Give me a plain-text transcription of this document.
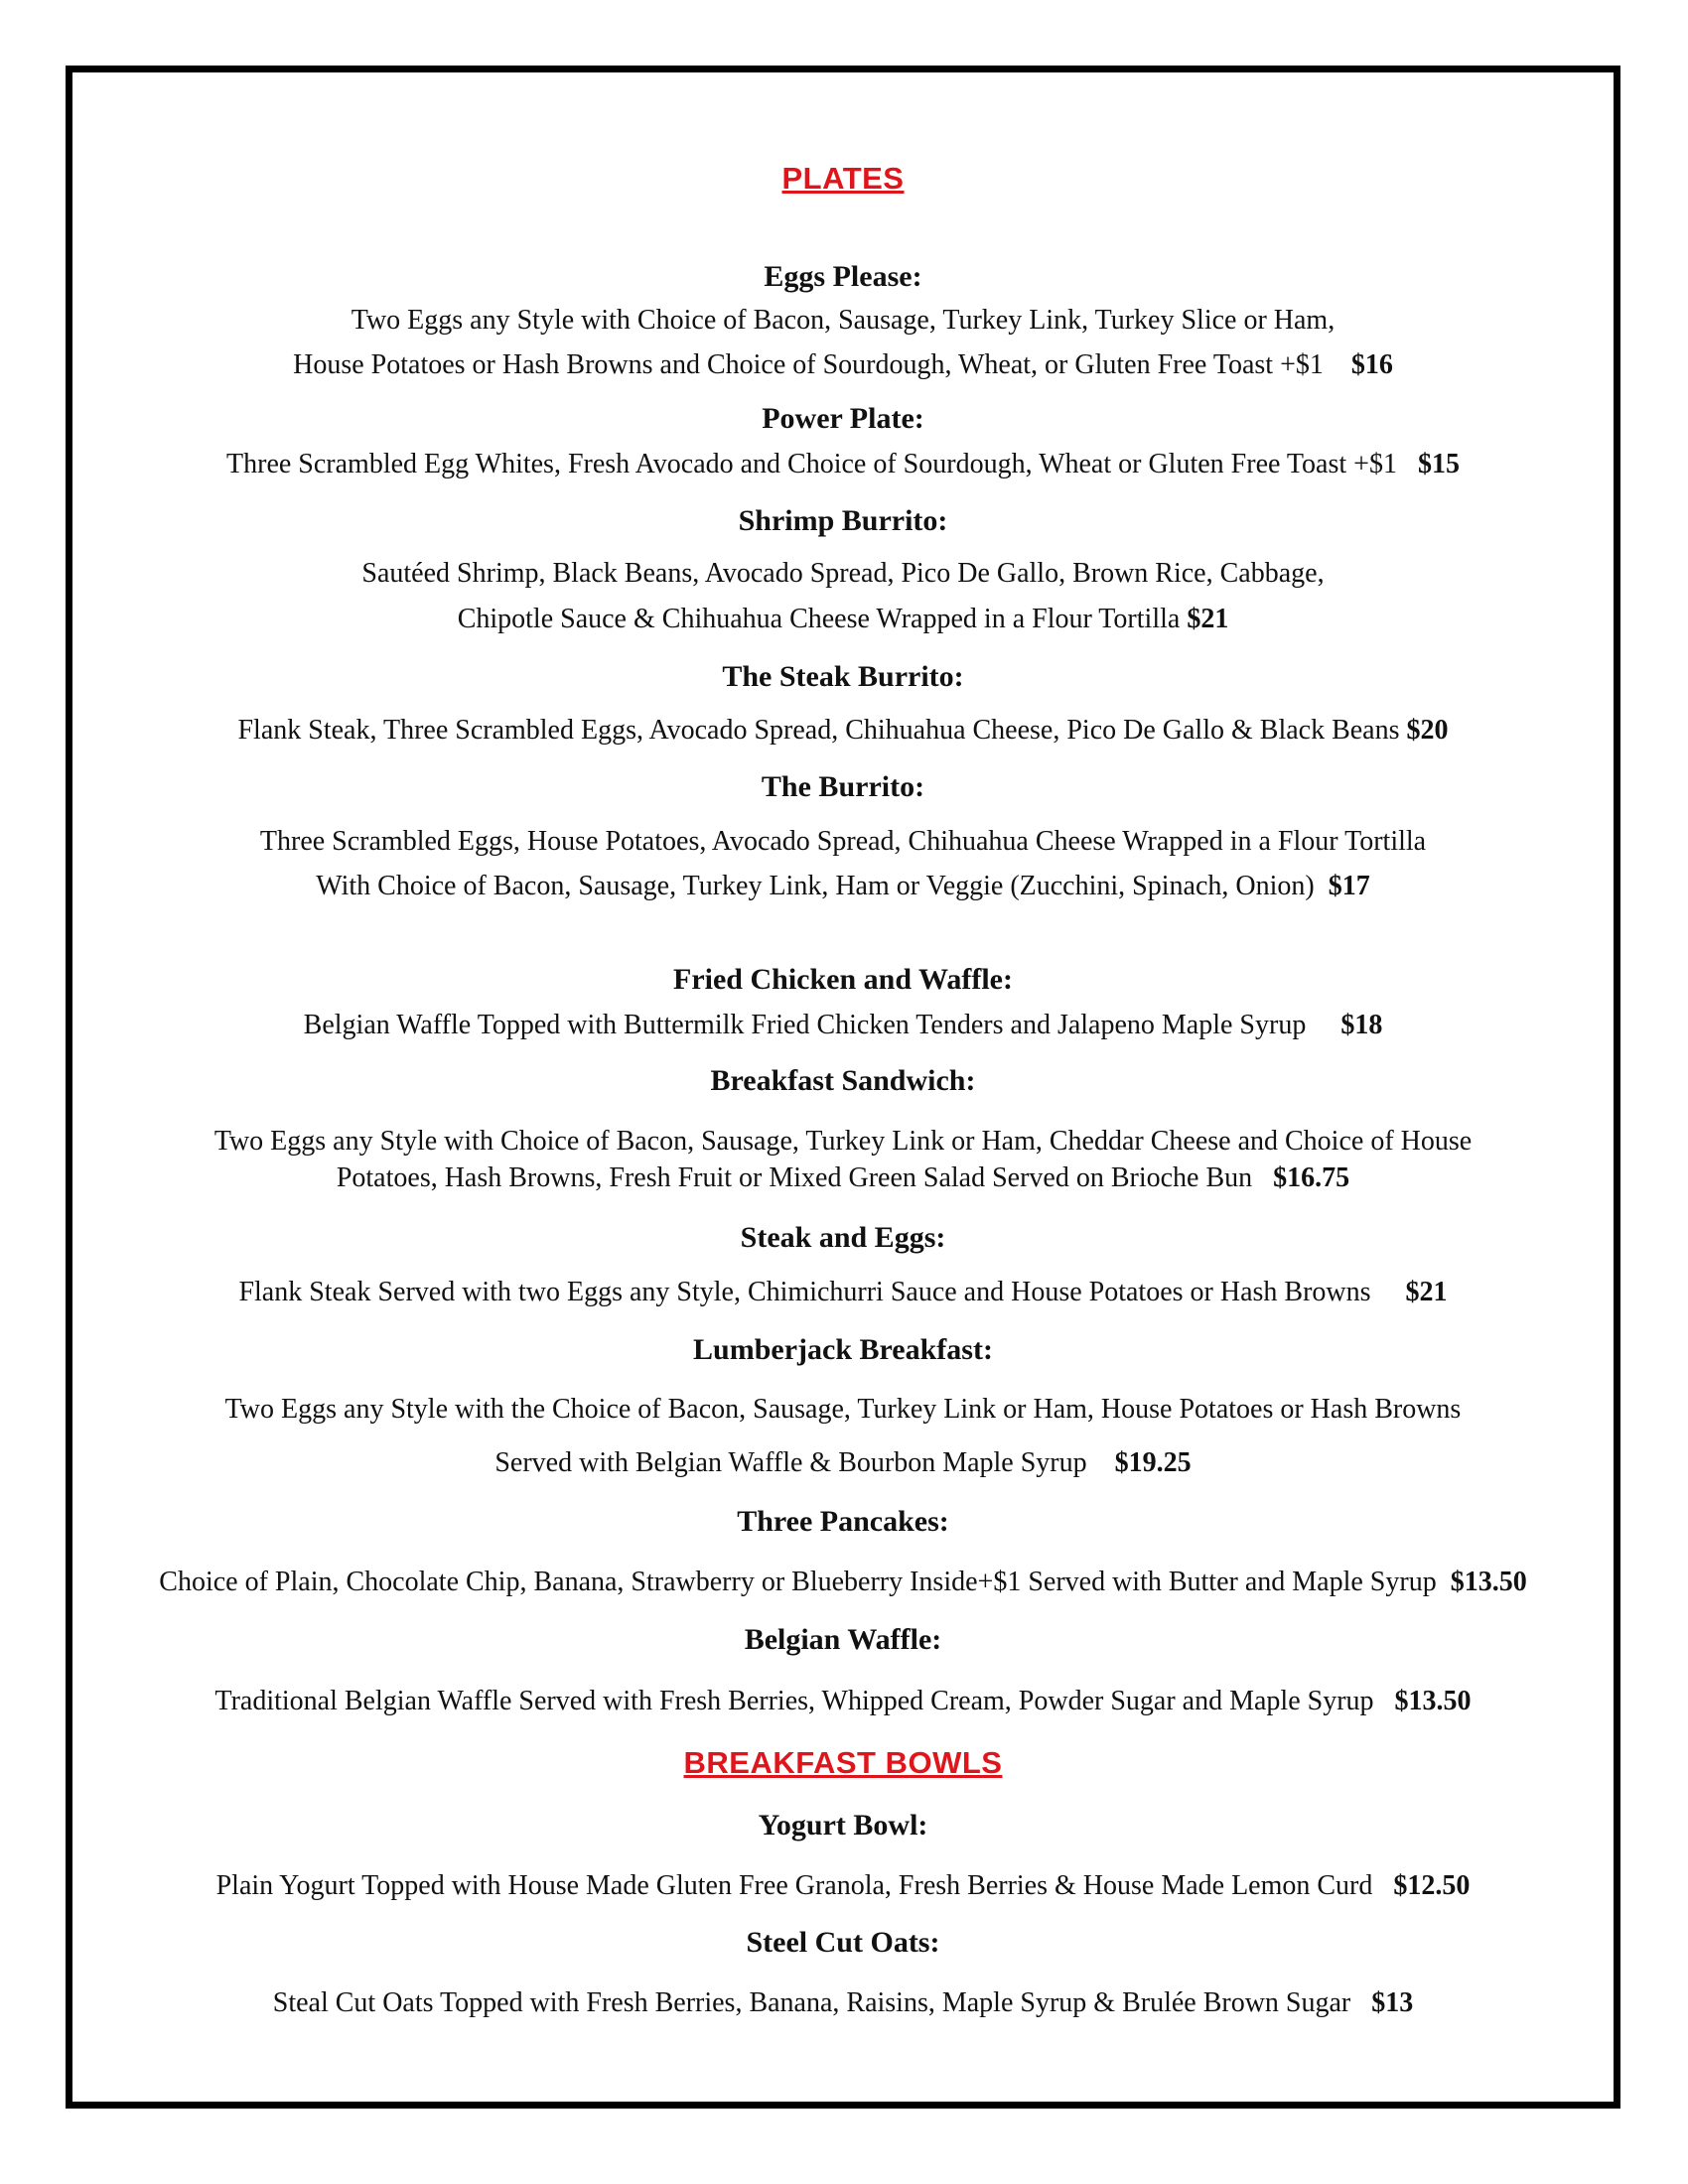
PLATES
Eggs Please:
Two Eggs any Style with Choice of Bacon, Sausage, Turkey Link, Turkey Slice or Ham,
House Potatoes or Hash Browns and Choice of Sourdough, Wheat, or Gluten Free Toast +$1 $16
Power Plate:
Three Scrambled Egg Whites, Fresh Avocado and Choice of Sourdough, Wheat or Gluten Free Toast +$1 $15
Shrimp Burrito:
Sautéed Shrimp, Black Beans, Avocado Spread, Pico De Gallo, Brown Rice, Cabbage,
Chipotle Sauce & Chihuahua Cheese Wrapped in a Flour Tortilla $21
The Steak Burrito:
Flank Steak, Three Scrambled Eggs, Avocado Spread, Chihuahua Cheese, Pico De Gallo & Black Beans $20
The Burrito:
Three Scrambled Eggs, House Potatoes, Avocado Spread, Chihuahua Cheese Wrapped in a Flour Tortilla
With Choice of Bacon, Sausage, Turkey Link, Ham or Veggie (Zucchini, Spinach, Onion) $17
Fried Chicken and Waffle:
Belgian Waffle Topped with Buttermilk Fried Chicken Tenders and Jalapeno Maple Syrup $18
Breakfast Sandwich:
Two Eggs any Style with Choice of Bacon, Sausage, Turkey Link or Ham, Cheddar Cheese and Choice of House
Potatoes, Hash Browns, Fresh Fruit or Mixed Green Salad Served on Brioche Bun $16.75
Steak and Eggs:
Flank Steak Served with two Eggs any Style, Chimichurri Sauce and House Potatoes or Hash Browns $21
Lumberjack Breakfast:
Two Eggs any Style with the Choice of Bacon, Sausage, Turkey Link or Ham, House Potatoes or Hash Browns
Served with Belgian Waffle & Bourbon Maple Syrup $19.25
Three Pancakes:
Choice of Plain, Chocolate Chip, Banana, Strawberry or Blueberry Inside+$1 Served with Butter and Maple Syrup $13.50
Belgian Waffle:
Traditional Belgian Waffle Served with Fresh Berries, Whipped Cream, Powder Sugar and Maple Syrup $13.50
BREAKFAST BOWLS
Yogurt Bowl:
Plain Yogurt Topped with House Made Gluten Free Granola, Fresh Berries & House Made Lemon Curd $12.50
Steel Cut Oats:
Steal Cut Oats Topped with Fresh Berries, Banana, Raisins, Maple Syrup & Brulée Brown Sugar $13
